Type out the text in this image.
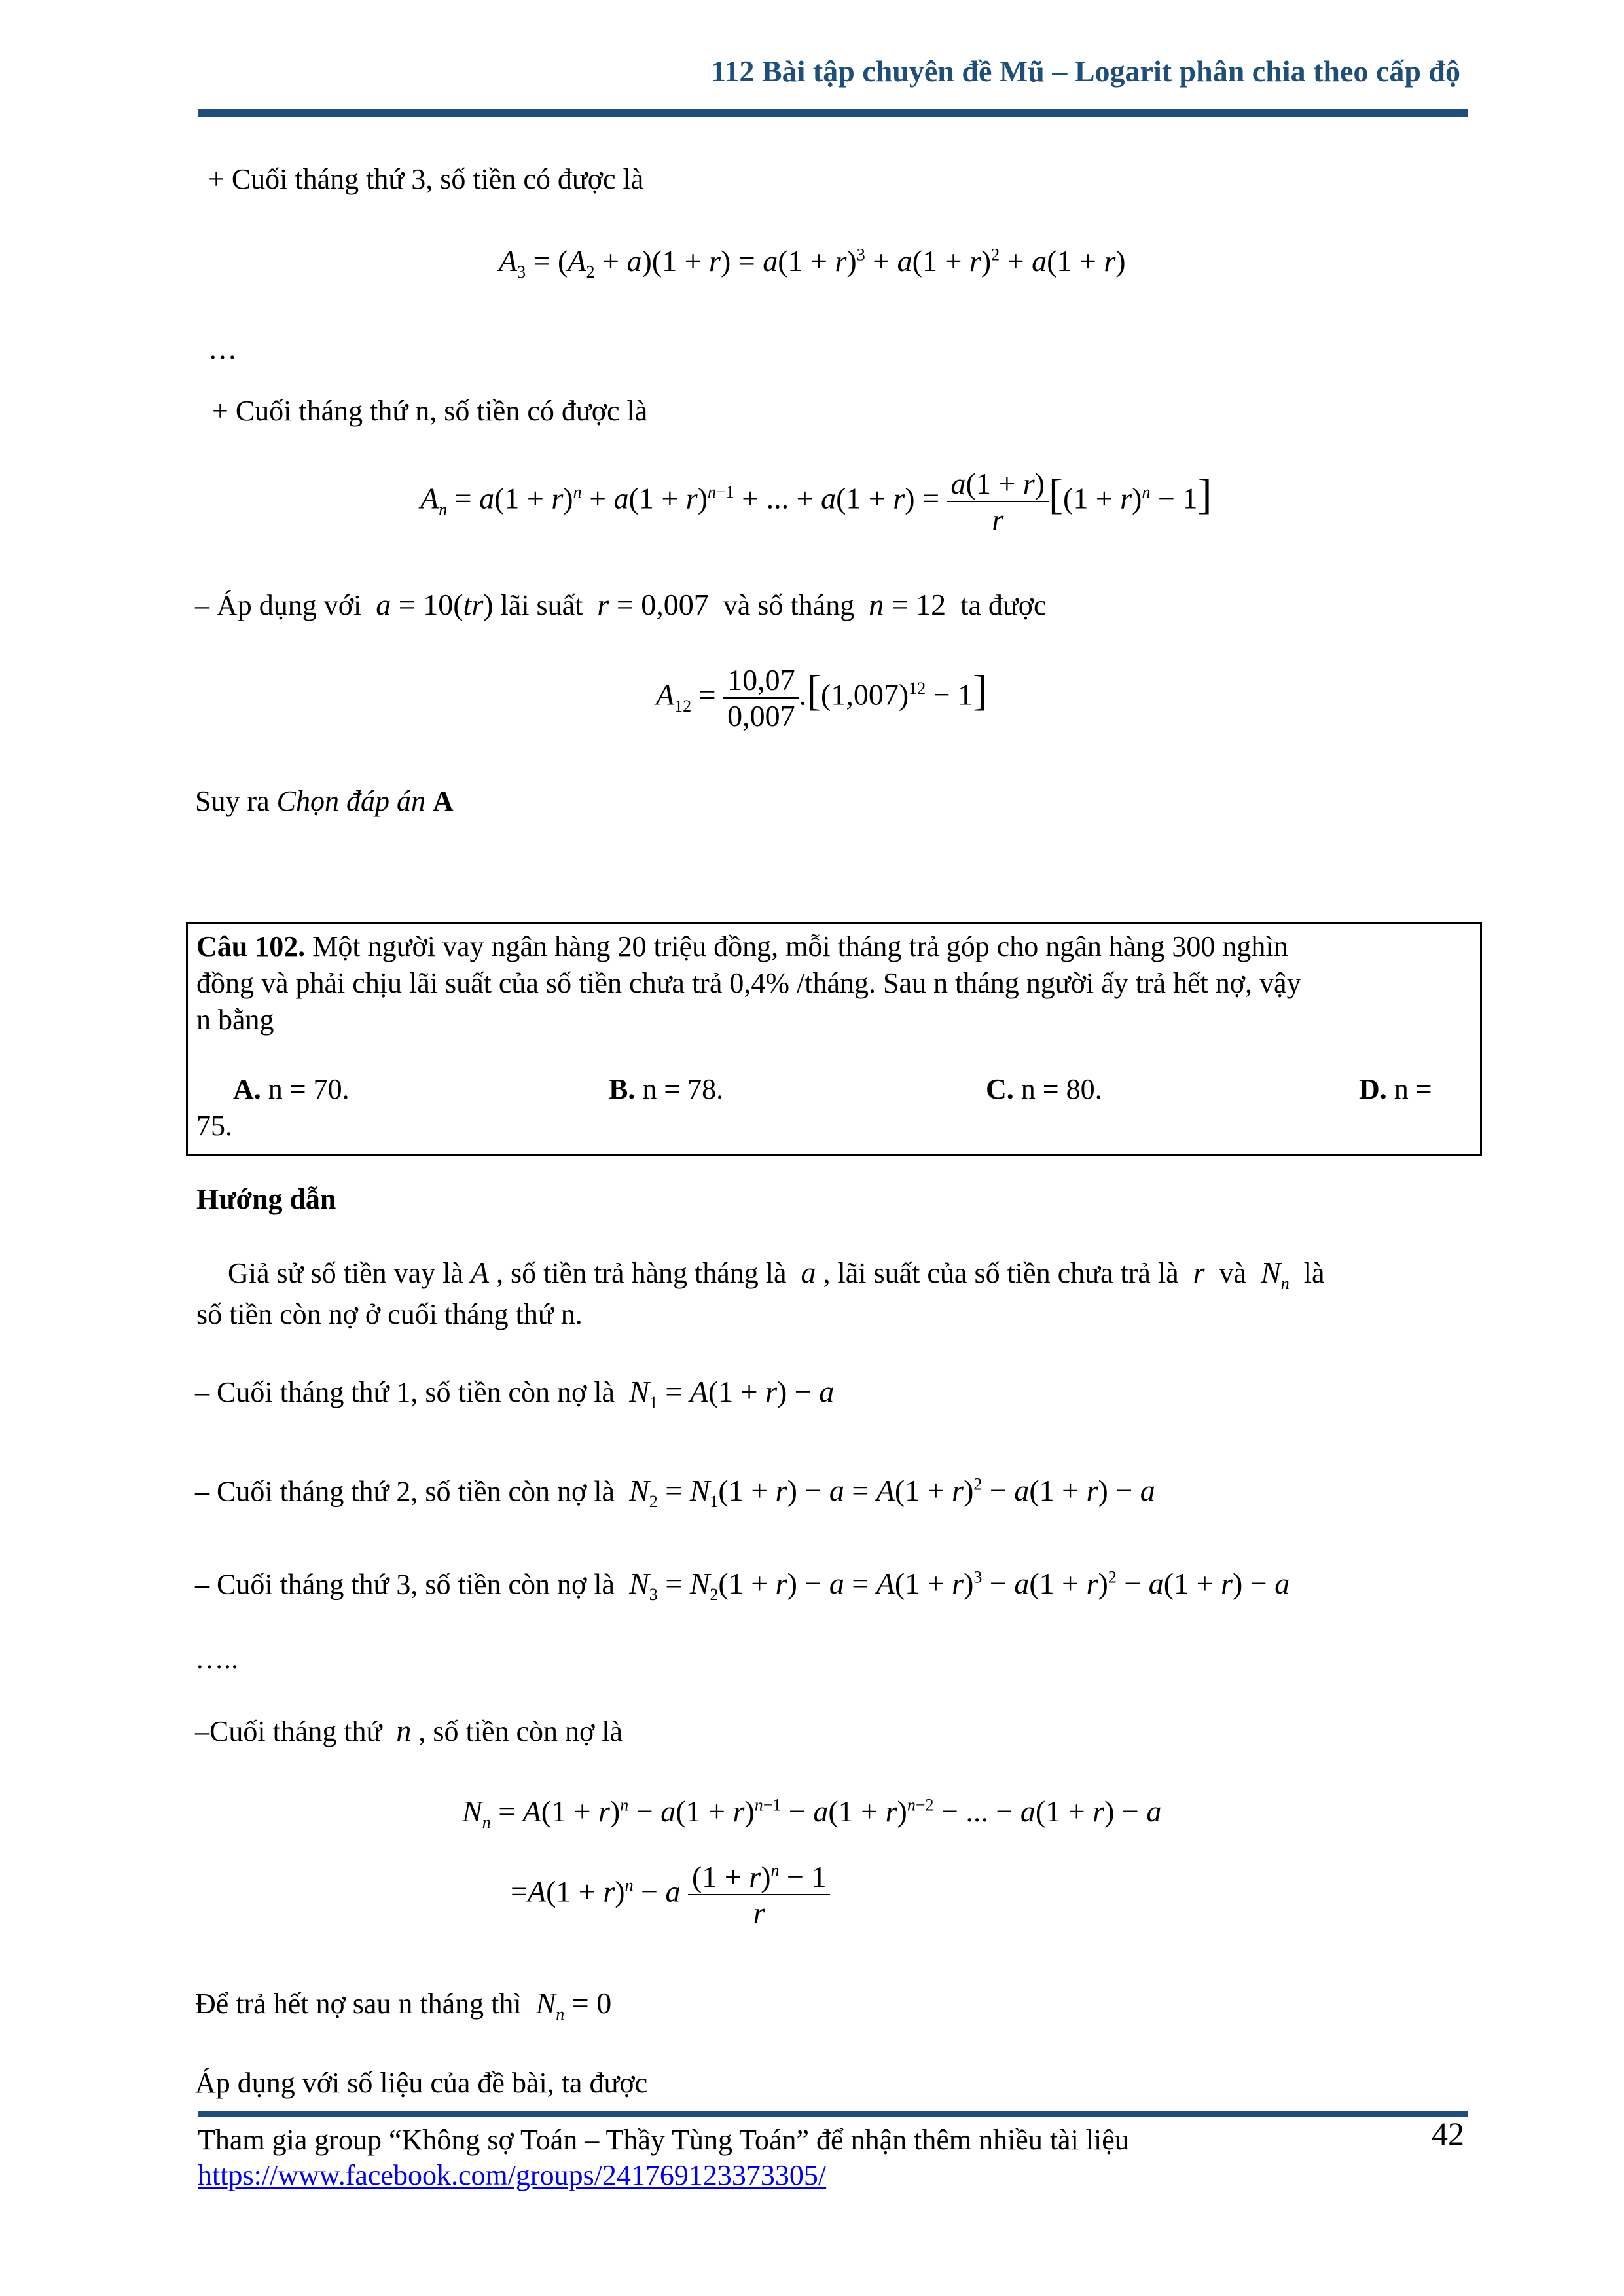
112 Bài tập chuyên đề Mũ – Logarit phân chia theo cấp độ
+ Cuối tháng thứ 3, số tiền có được là
$A_3 = (A_2 + a)(1 + r) = a(1 + r)^3 + a(1 + r)^2 + a(1 + r)$
…
+ Cuối tháng thứ n, số tiền có được là
$A_n = a(1 + r)^n + a(1 + r)^{n-1}$ + ... + $a(1 + r) = \frac{a(1 + r)}{r} [(1 + r)^n - 1]$
– Áp dụng với a = 10(tr) lãi suất r = 0,007 và số tháng n = 12 ta được
$A_{12} = \frac{10,07}{0,007} .[(1,007)^{12} - 1]$
Suy ra Chọn đáp án A
Câu 102. Một người vay ngân hàng 20 triệu đồng, mỗi tháng trả góp cho ngân hàng 300 nghìn
đồng và phải chịu lãi suất của số tiền chưa trả 0,4% /tháng. Sau n tháng người ấy trả hết nợ, vậy
n bằng
A. n = 70.	B. n = 78.	C. n = 80.	D. n =
75.
Hướng dẫn
Giả sử số tiền vay là A , số tiền trả hàng tháng là a , lãi suất của số tiền chưa trả là r và $N_n$ là
số tiền còn nợ ở cuối tháng thứ n.
– Cuối tháng thứ 1, số tiền còn nợ là $N_1 = A(1 + r) - a$
– Cuối tháng thứ 2, số tiền còn nợ là $N_2 = N_1(1 + r) - a = A(1 + r)^2 - a(1 + r) - a$
– Cuối tháng thứ 3, số tiền còn nợ là $N_3 = N_2(1 + r) - a = A(1 + r)^3 - a(1 + r)^2 - a(1 + r) - a$
…..
–Cuối tháng thứ n , số tiền còn nợ là
$N_n = A(1 + r)^n - a(1 + r)^{n-1} - a(1 + r)^{n-2}$ − ... − a(1 + r) − a
$=A(1 + r)^n - a \frac{(1 + r)^n - 1}{r}$
Để trả hết nợ sau n tháng thì $N_n = 0$
Áp dụng với số liệu của đề bài, ta được
Tham gia group “Không sợ Toán – Thầy Tùng Toán” để nhận thêm nhiều tài liệu
https://www.facebook.com/groups/241769123373305/
42
